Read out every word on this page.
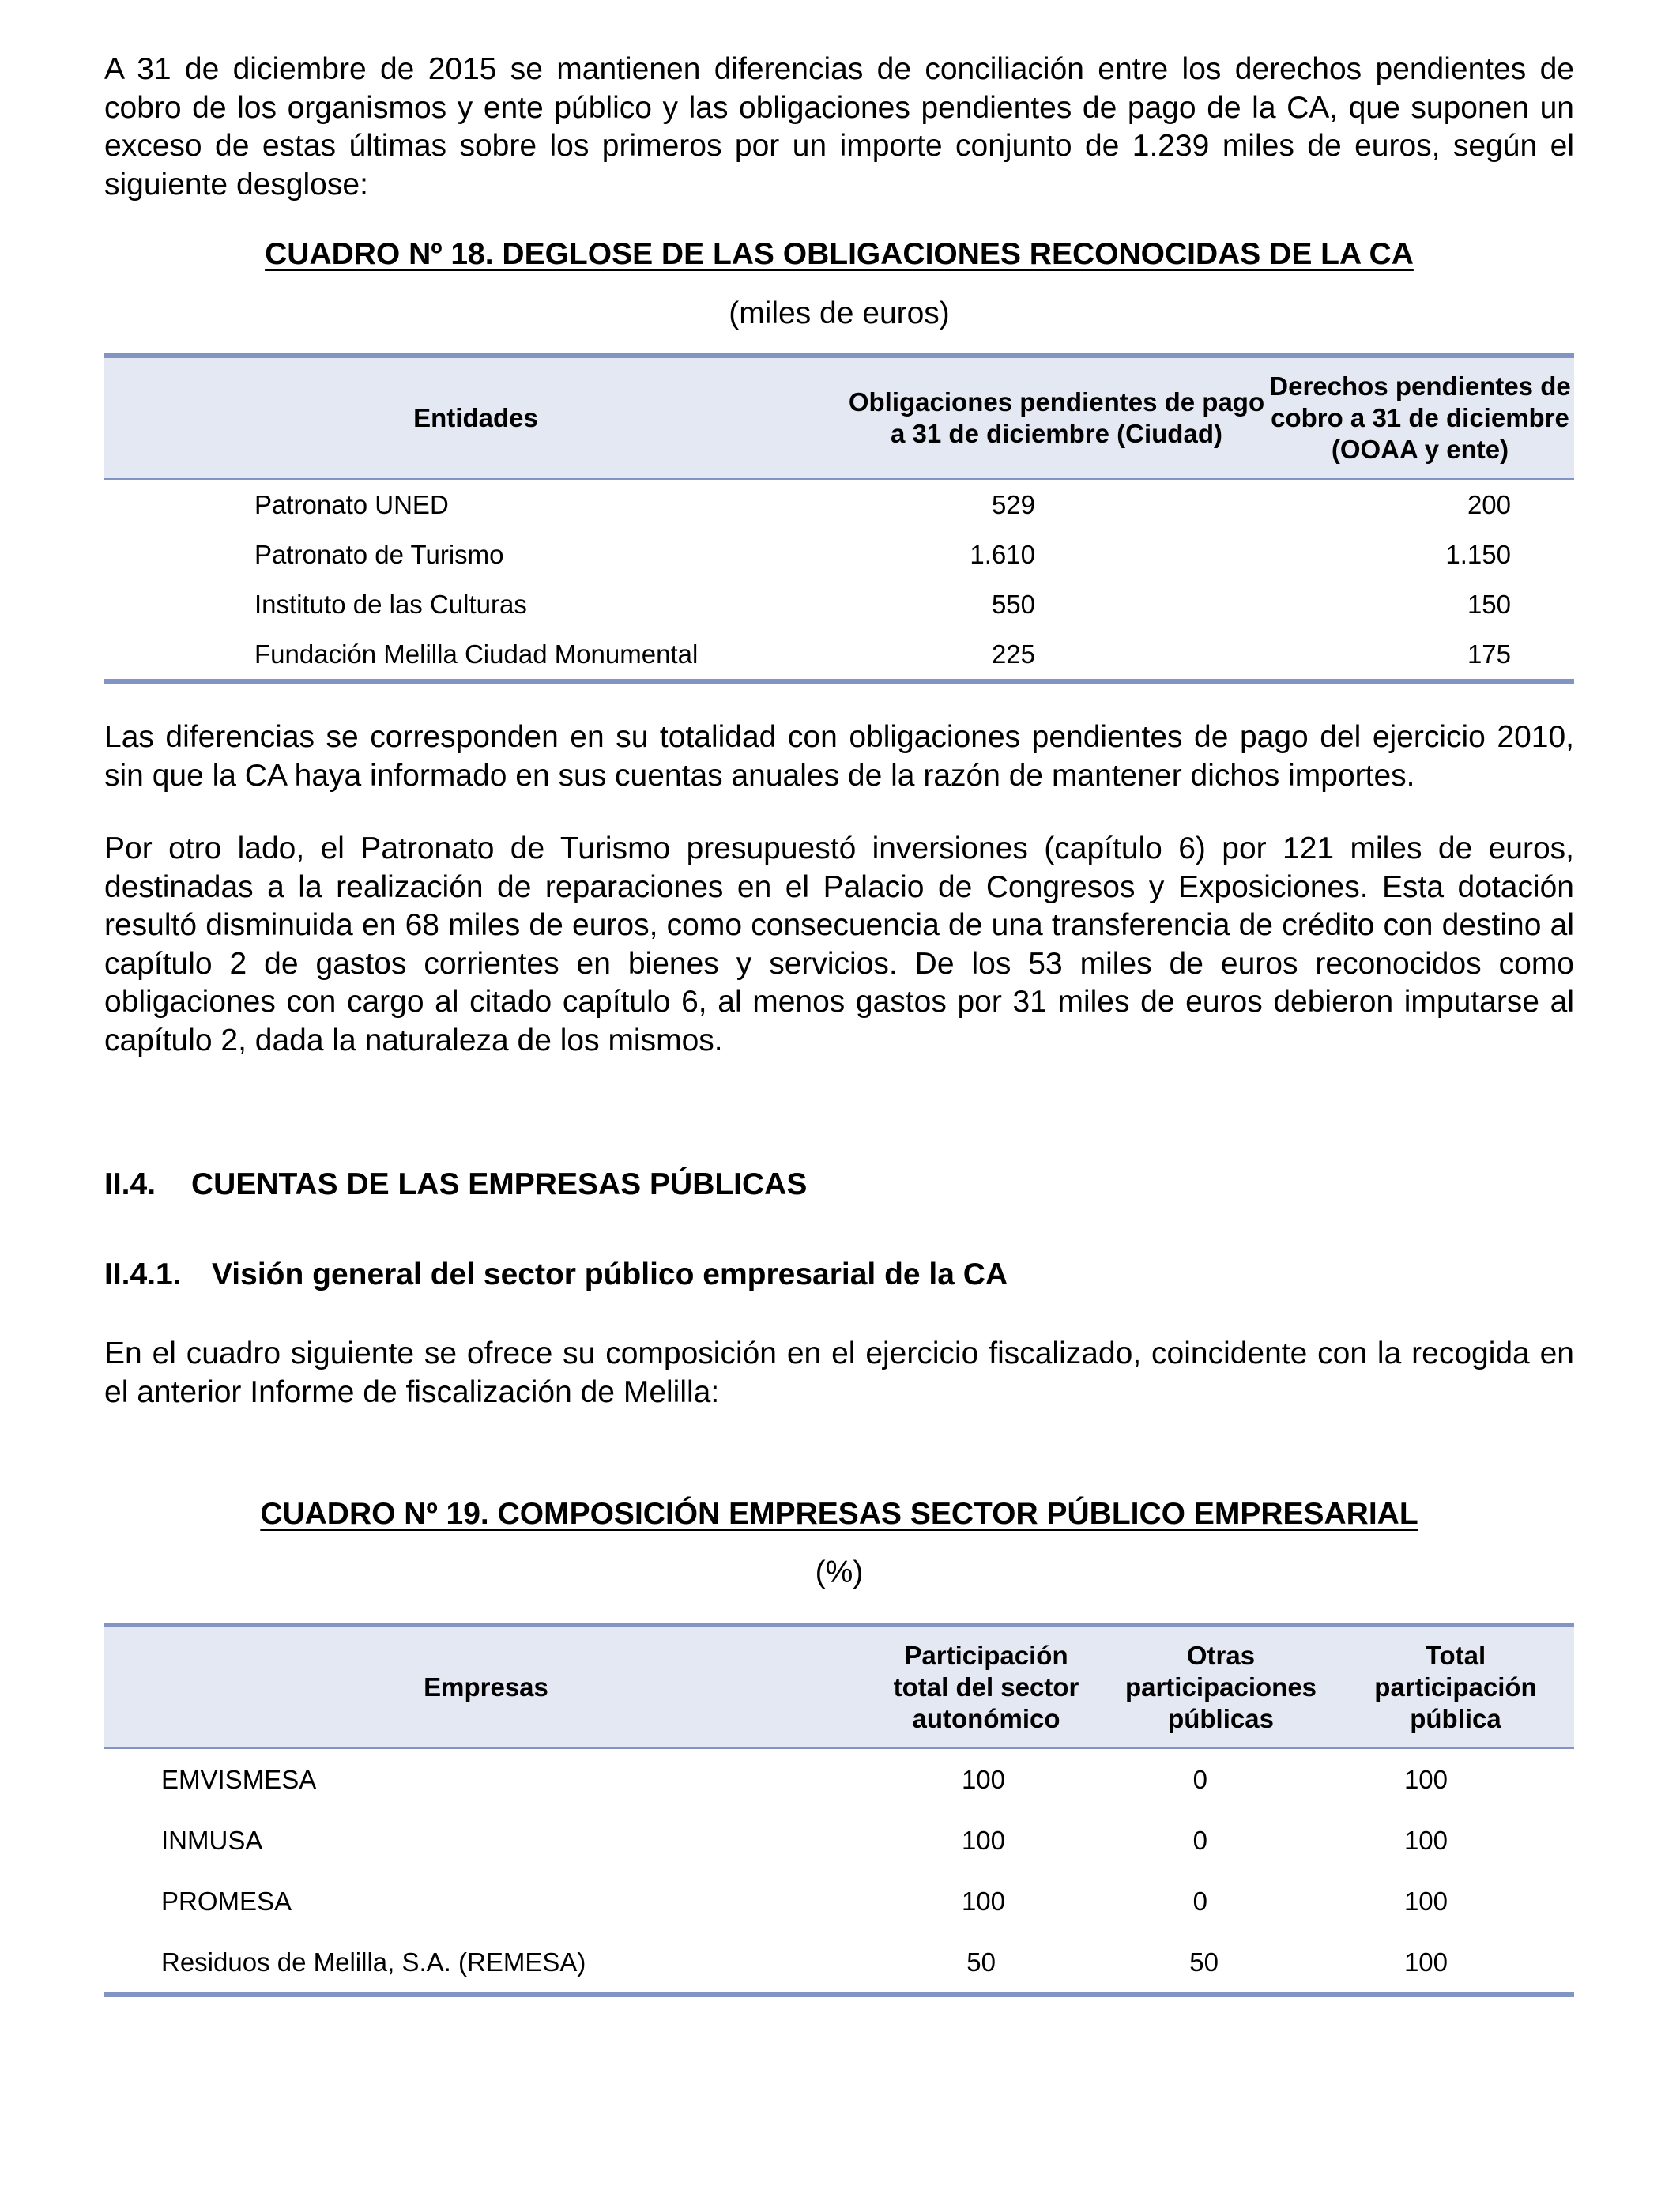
A 31 de diciembre de 2015 se mantienen diferencias de conciliación entre los derechos pendientes de cobro de los organismos y ente público y las obligaciones pendientes de pago de la CA, que suponen un exceso de estas últimas sobre los primeros por un importe conjunto de 1.239 miles de euros, según el siguiente desglose:

CUADRO Nº 18. DEGLOSE DE LAS OBLIGACIONES RECONOCIDAS DE LA CA

(miles de euros)

Entidades	Obligaciones pendientes de pago a 31 de diciembre (Ciudad)	Derechos pendientes de cobro a 31 de diciembre (OOAA y ente)
Patronato UNED	529	200
Patronato de Turismo	1.610	1.150
Instituto de las Culturas	550	150
Fundación Melilla Ciudad Monumental	225	175

Las diferencias se corresponden en su totalidad con obligaciones pendientes de pago del ejercicio 2010, sin que la CA haya informado en sus cuentas anuales de la razón de mantener dichos importes.

Por otro lado, el Patronato de Turismo presupuestó inversiones (capítulo 6) por 121 miles de euros, destinadas a la realización de reparaciones en el Palacio de Congresos y Exposiciones. Esta dotación resultó disminuida en 68 miles de euros, como consecuencia de una transferencia de crédito con destino al capítulo 2 de gastos corrientes en bienes y servicios. De los 53 miles de euros reconocidos como obligaciones con cargo al citado capítulo 6, al menos gastos por 31 miles de euros debieron imputarse al capítulo 2, dada la naturaleza de los mismos.

II.4. CUENTAS DE LAS EMPRESAS PÚBLICAS

II.4.1. Visión general del sector público empresarial de la CA

En el cuadro siguiente se ofrece su composición en el ejercicio fiscalizado, coincidente con la recogida en el anterior Informe de fiscalización de Melilla:

CUADRO Nº 19. COMPOSICIÓN EMPRESAS SECTOR PÚBLICO EMPRESARIAL

(%)

Empresas	Participación total del sector autonómico	Otras participaciones públicas	Total participación pública
EMVISMESA	100	0	100
INMUSA	100	0	100
PROMESA	100	0	100
Residuos de Melilla, S.A. (REMESA)	50	50	100
